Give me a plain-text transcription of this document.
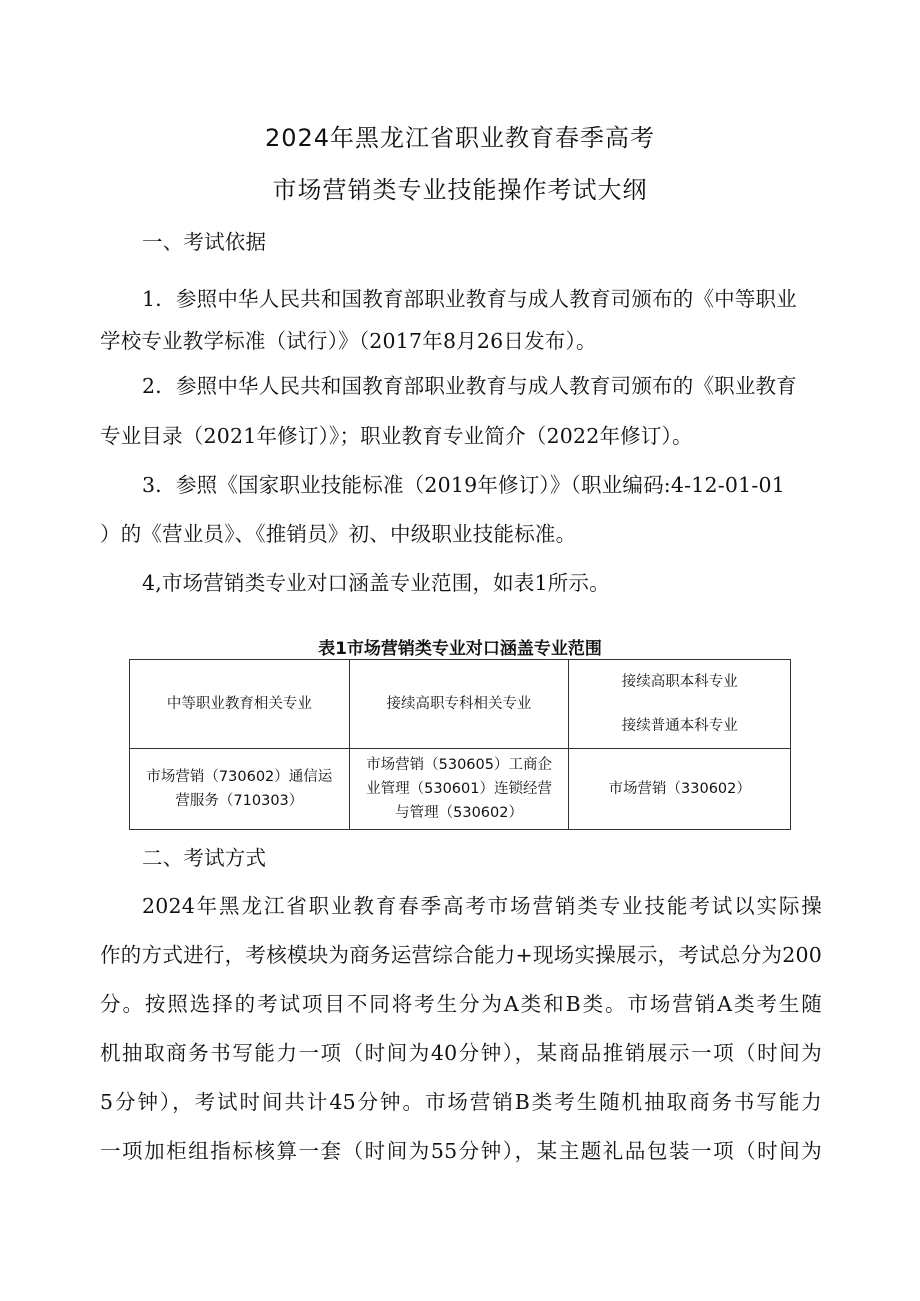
2024年黑龙江省职业教育春季高考
市场营销类专业技能操作考试大纲
一、考试依据
1．参照中华人民共和国教育部职业教育与成人教育司颁布的《中等职业
学校专业教学标准（试行）》（2017年8月26日发布）。
2．参照中华人民共和国教育部职业教育与成人教育司颁布的《职业教育
专业目录（2021年修订）》；职业教育专业简介（2022年修订）。
3．参照《国家职业技能标准（2019年修订）》（职业编码:4-12-01-01
）的《营业员》、《推销员》初、中级职业技能标准。
4,市场营销类专业对口涵盖专业范围，如表1所示。
表1市场营销类专业对口涵盖专业范围
中等职业教育相关专业	接续高职专科相关专业	接续高职本科专业
接续普通本科专业

市场营销（730602）通信运
营服务（710303）	市场营销（530605）工商企
业管理（530601）连锁经营
与管理（530602）	市场营销（330602）
二、考试方式
2024年黑龙江省职业教育春季高考市场营销类专业技能考试以实际操
作的方式进行，考核模块为商务运营综合能力+现场实操展示，考试总分为200
分。按照选择的考试项目不同将考生分为A类和B类。市场营销A类考生随
机抽取商务书写能力一项（时间为40分钟），某商品推销展示一项（时间为
5分钟），考试时间共计45分钟。市场营销B类考生随机抽取商务书写能力
一项加柜组指标核算一套（时间为55分钟），某主题礼品包装一项（时间为
